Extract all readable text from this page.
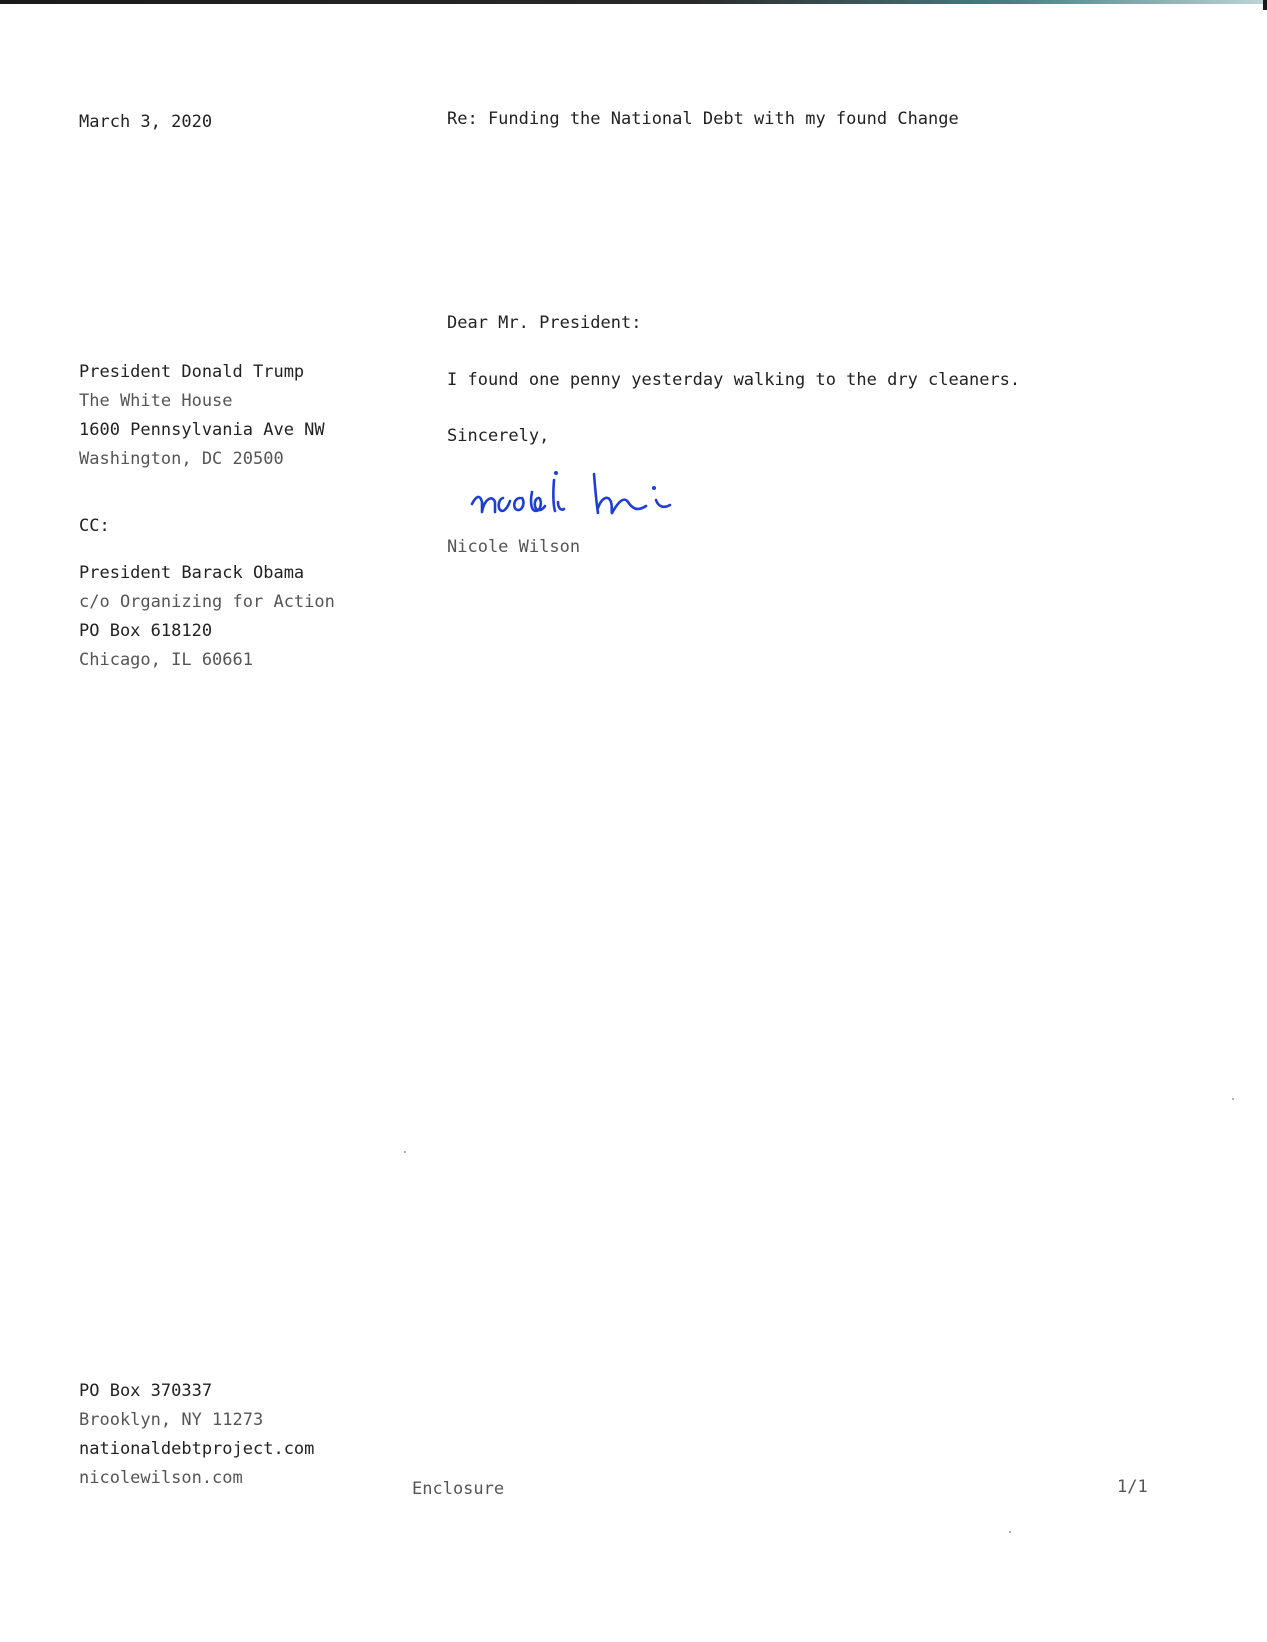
March 3, 2020	Re: Funding the National Debt with my found Change
Dear Mr. President:
I found one penny yesterday walking to the dry cleaners.
Sincerely,
Nicole Wilson
President Donald Trump
The White House
1600 Pennsylvania Ave NW
Washington, DC 20500
CC:
President Barack Obama
c/o Organizing for Action
PO Box 618120
Chicago, IL 60661
PO Box 370337
Brooklyn, NY 11273
nationaldebtproject.com
nicolewilson.com
Enclosure	1/1
